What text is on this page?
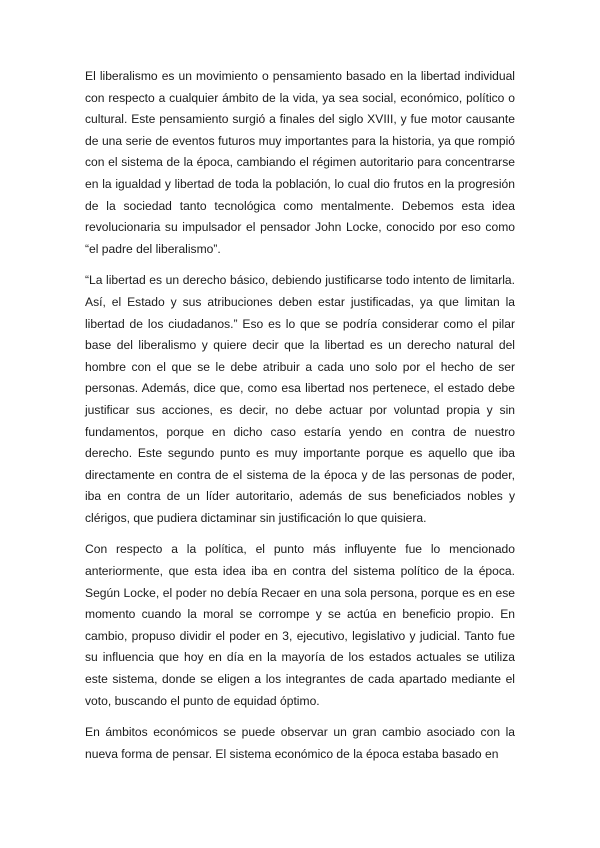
El liberalismo es un movimiento o pensamiento basado en la libertad individual con respecto a cualquier ámbito de la vida, ya sea social, económico, político o cultural. Este pensamiento surgió a finales del siglo XVIII, y fue motor causante de una serie de eventos futuros muy importantes para la historia, ya que rompió con el sistema de la época, cambiando el régimen autoritario para concentrarse en la igualdad y libertad de toda la población, lo cual dio frutos en la progresión de la sociedad tanto tecnológica como mentalmente. Debemos esta idea revolucionaria su impulsador el pensador John Locke, conocido por eso como “el padre del liberalismo”.

“La libertad es un derecho básico, debiendo justificarse todo intento de limitarla. Así, el Estado y sus atribuciones deben estar justificadas, ya que limitan la libertad de los ciudadanos.” Eso es lo que se podría considerar como el pilar base del liberalismo y quiere decir que la libertad es un derecho natural del hombre con el que se le debe atribuir a cada uno solo por el hecho de ser personas. Además, dice que, como esa libertad nos pertenece, el estado debe justificar sus acciones, es decir, no debe actuar por voluntad propia y sin fundamentos, porque en dicho caso estaría yendo en contra de nuestro derecho. Este segundo punto es muy importante porque es aquello que iba directamente en contra de el sistema de la época y de las personas de poder, iba en contra de un líder autoritario, además de sus beneficiados nobles y clérigos, que pudiera dictaminar sin justificación lo que quisiera.

Con respecto a la política, el punto más influyente fue lo mencionado anteriormente, que esta idea iba en contra del sistema político de la época. Según Locke, el poder no debía Recaer en una sola persona, porque es en ese momento cuando la moral se corrompe y se actúa en beneficio propio. En cambio, propuso dividir el poder en 3, ejecutivo, legislativo y judicial. Tanto fue su influencia que hoy en día en la mayoría de los estados actuales se utiliza este sistema, donde se eligen a los integrantes de cada apartado mediante el voto, buscando el punto de equidad óptimo.

En ámbitos económicos se puede observar un gran cambio asociado con la nueva forma de pensar. El sistema económico de la época estaba basado en
